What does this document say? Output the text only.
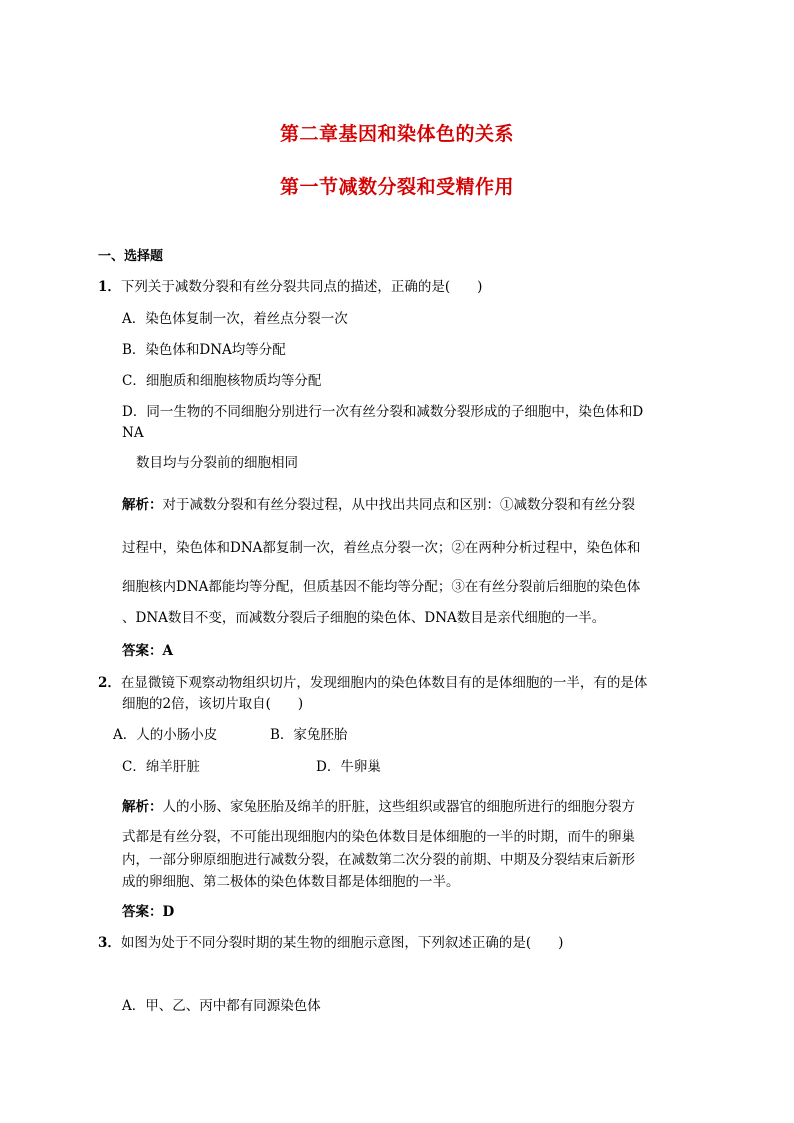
第二章基因和染体色的关系
第一节减数分裂和受精作用
一、选择题
1．下列关于减数分裂和有丝分裂共同点的描述，正确的是(　　)
A．染色体复制一次，着丝点分裂一次
B．染色体和DNA均等分配
C．细胞质和细胞核物质均等分配
D．同一生物的不同细胞分别进行一次有丝分裂和减数分裂形成的子细胞中，染色体和D
NA
数目均与分裂前的细胞相同
解析：对于减数分裂和有丝分裂过程，从中找出共同点和区别：①减数分裂和有丝分裂
过程中，染色体和DNA都复制一次，着丝点分裂一次；②在两种分析过程中，染色体和
细胞核内DNA都能均等分配，但质基因不能均等分配；③在有丝分裂前后细胞的染色体
、DNA数目不变，而减数分裂后子细胞的染色体、DNA数目是亲代细胞的一半。
答案：A
2．在显微镜下观察动物组织切片，发现细胞内的染色体数目有的是体细胞的一半，有的是体
细胞的2倍，该切片取自(　　)
A．人的小肠小皮	B．家兔胚胎
C．绵羊肝脏	D．牛卵巢
解析：人的小肠、家兔胚胎及绵羊的肝脏，这些组织或器官的细胞所进行的细胞分裂方
式都是有丝分裂，不可能出现细胞内的染色体数目是体细胞的一半的时期，而牛的卵巢
内，一部分卵原细胞进行减数分裂，在减数第二次分裂的前期、中期及分裂结束后新形
成的卵细胞、第二极体的染色体数目都是体细胞的一半。
答案：D
3．如图为处于不同分裂时期的某生物的细胞示意图，下列叙述正确的是(　　)
A．甲、乙、丙中都有同源染色体
